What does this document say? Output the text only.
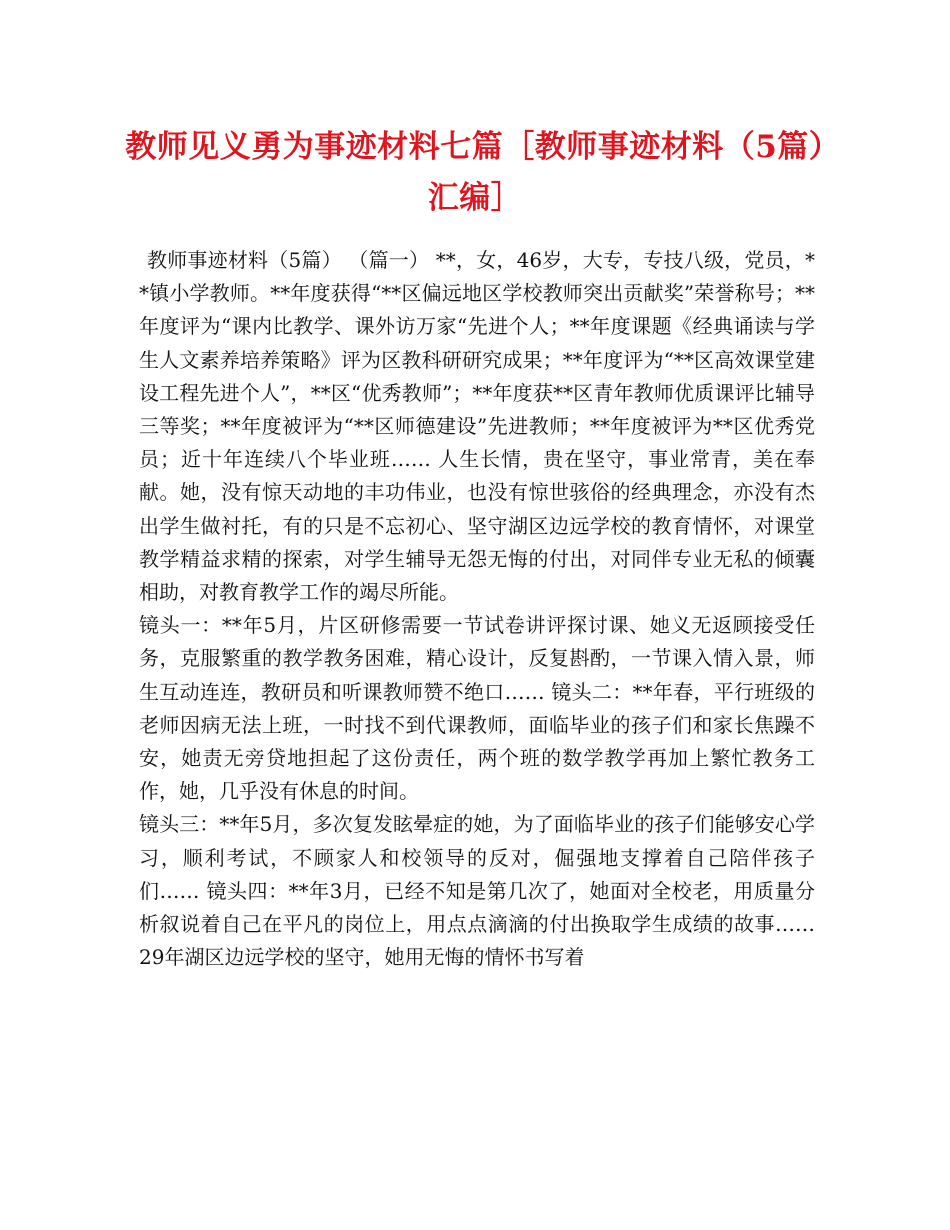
教师见义勇为事迹材料七篇［教师事迹材料（5篇）汇编］

教师事迹材料（5篇） （篇一） **，女，46岁，大专，专技八级，党员，**镇小学教师。**年度获得“**区偏远地区学校教师突出贡献奖”荣誉称号；**年度评为“课内比教学、课外访万家“先进个人；**年度课题《经典诵读与学生人文素养培养策略》评为区教科研研究成果；**年度评为“**区高效课堂建设工程先进个人”，**区“优秀教师”；**年度获**区青年教师优质课评比辅导三等奖；**年度被评为“**区师德建设”先进教师；**年度被评为**区优秀党员；近十年连续八个毕业班…… 人生长情，贵在坚守，事业常青，美在奉献。她，没有惊天动地的丰功伟业，也没有惊世骇俗的经典理念，亦没有杰出学生做衬托，有的只是不忘初心、坚守湖区边远学校的教育情怀，对课堂教学精益求精的探索，对学生辅导无怨无悔的付出，对同伴专业无私的倾囊相助，对教育教学工作的竭尽所能。

镜头一：**年5月，片区研修需要一节试卷讲评探讨课、她义无返顾接受任务，克服繁重的教学教务困难，精心设计，反复斟酌，一节课入情入景，师生互动连连，教研员和听课教师赞不绝口…… 镜头二：**年春，平行班级的老师因病无法上班，一时找不到代课教师，面临毕业的孩子们和家长焦躁不安，她责无旁贷地担起了这份责任，两个班的数学教学再加上繁忙教务工作，她，几乎没有休息的时间。

镜头三：**年5月，多次复发眩晕症的她，为了面临毕业的孩子们能够安心学习，顺利考试，不顾家人和校领导的反对，倔强地支撑着自己陪伴孩子们…… 镜头四：**年3月，已经不知是第几次了，她面对全校老，用质量分析叙说着自己在平凡的岗位上，用点点滴滴的付出换取学生成绩的故事…… 29年湖区边远学校的坚守，她用无悔的情怀书写着
